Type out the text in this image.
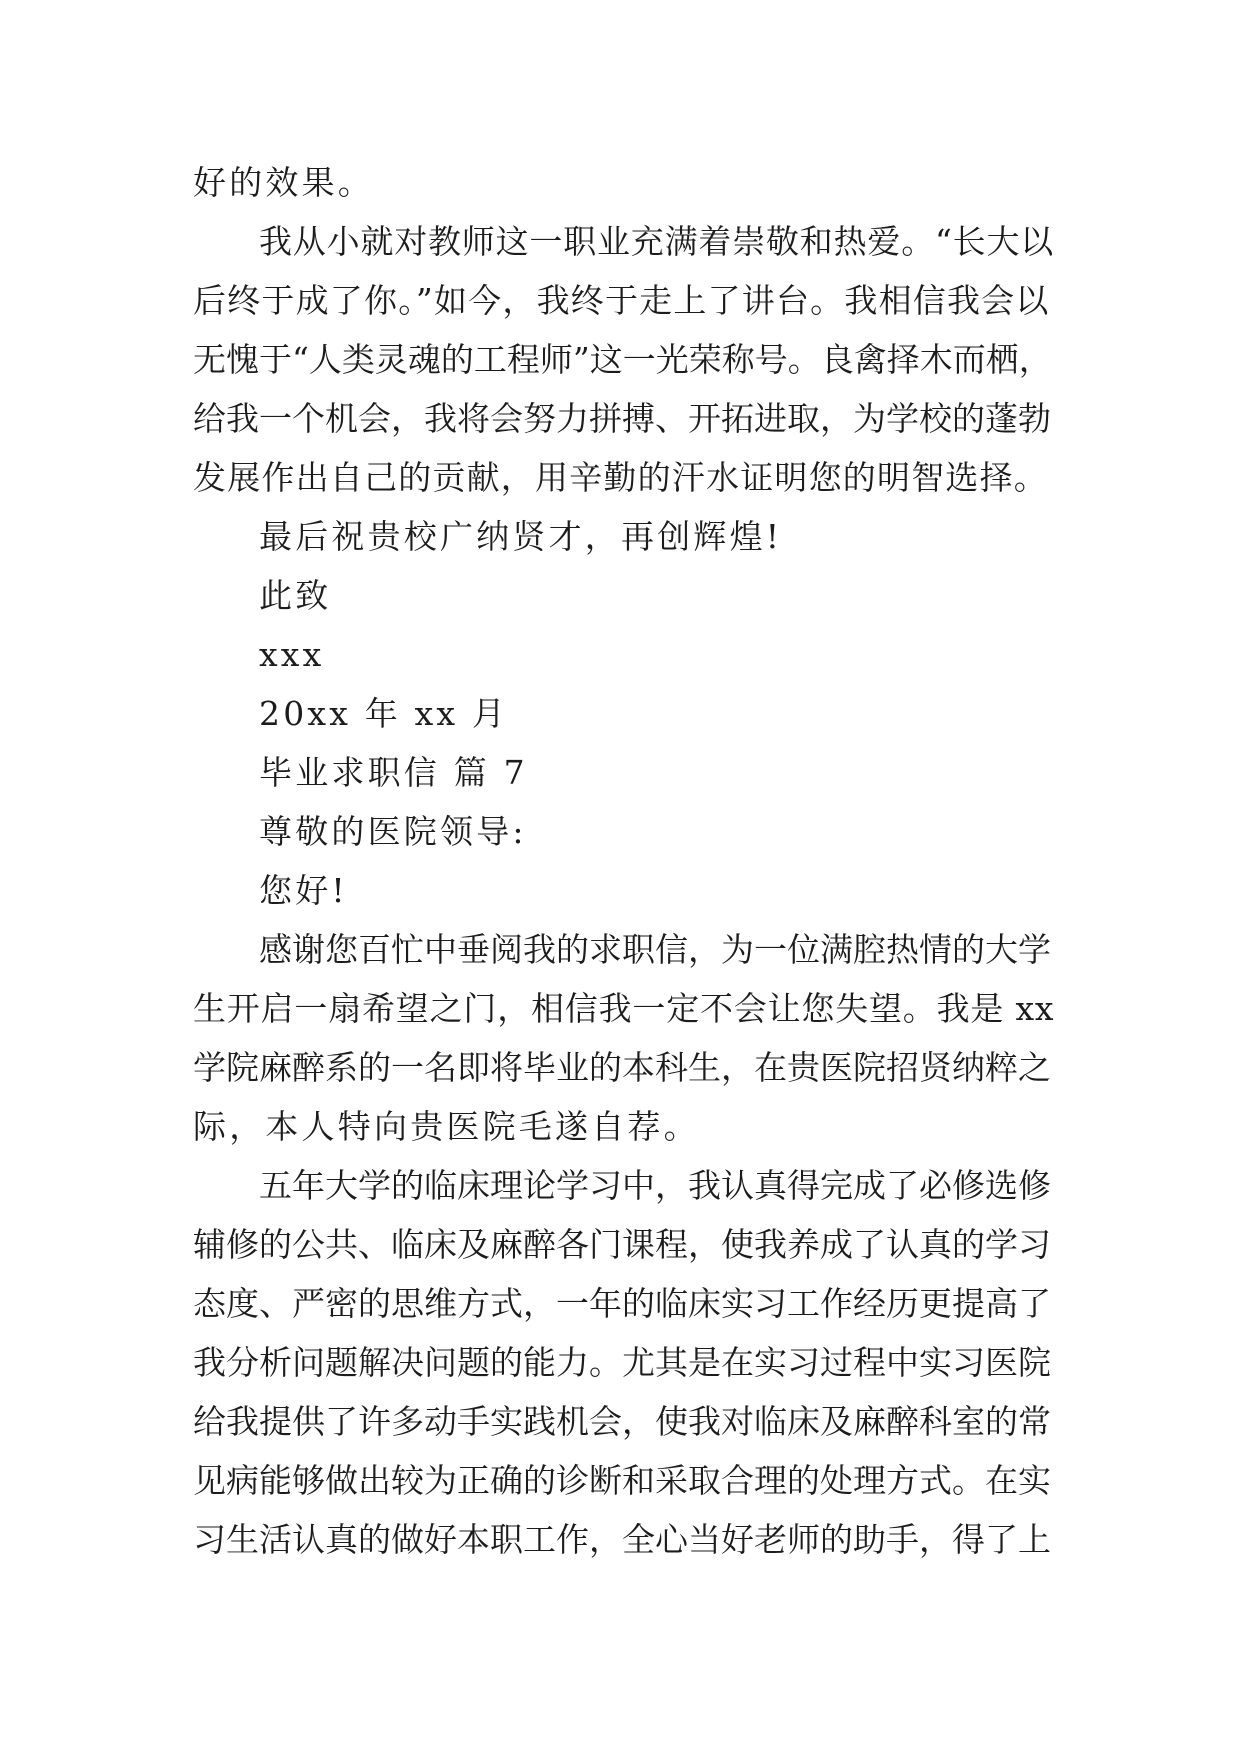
好的效果。
我从小就对教师这一职业充满着崇敬和热爱。“长大以
后终于成了你。”如今，我终于走上了讲台。我相信我会以
无愧于“人类灵魂的工程师”这一光荣称号。良禽择木而栖，
给我一个机会，我将会努力拼搏、开拓进取，为学校的蓬勃
发展作出自己的贡献，用辛勤的汗水证明您的明智选择。
最后祝贵校广纳贤才，再创辉煌!
此致
xxx
20xx 年 xx 月
毕业求职信 篇 7
尊敬的医院领导:
您好!
感谢您百忙中垂阅我的求职信，为一位满腔热情的大学
生开启一扇希望之门，相信我一定不会让您失望。我是 xx
学院麻醉系的一名即将毕业的本科生，在贵医院招贤纳粹之
际，本人特向贵医院毛遂自荐。
五年大学的临床理论学习中，我认真得完成了必修选修
辅修的公共、临床及麻醉各门课程，使我养成了认真的学习
态度、严密的思维方式，一年的临床实习工作经历更提高了
我分析问题解决问题的能力。尤其是在实习过程中实习医院
给我提供了许多动手实践机会，使我对临床及麻醉科室的常
见病能够做出较为正确的诊断和采取合理的处理方式。在实
习生活认真的做好本职工作，全心当好老师的助手，得了上
